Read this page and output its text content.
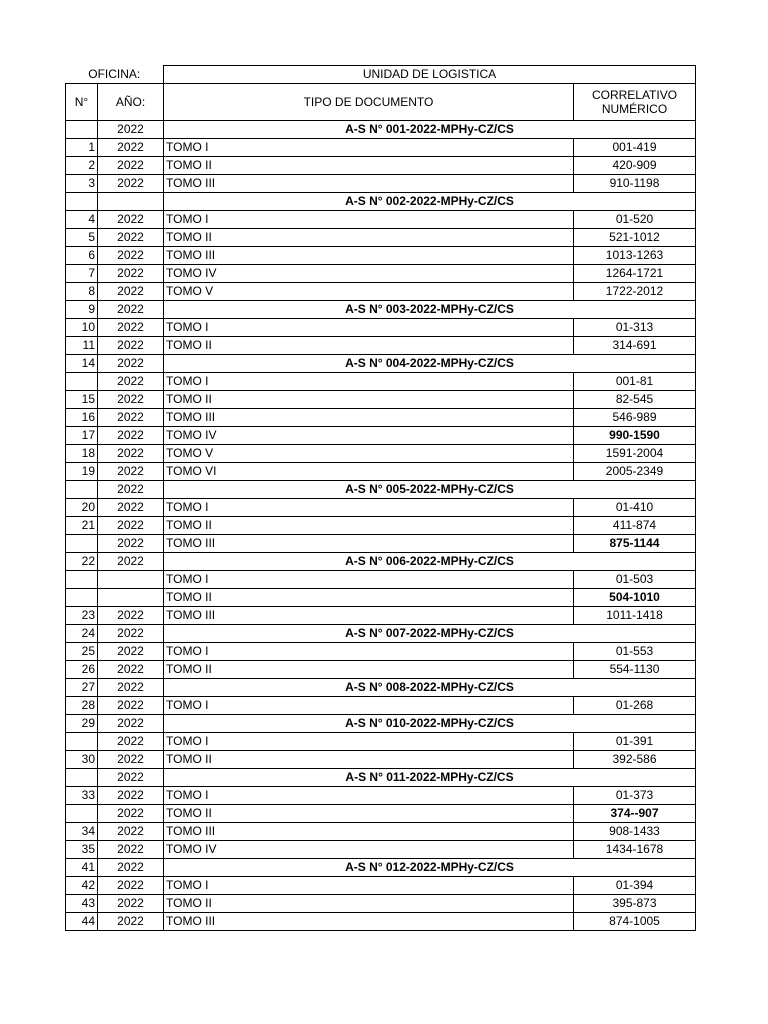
OFICINA:		UNIDAD DE LOGISTICA	
N°	AÑO:	TIPO DE DOCUMENTO	CORRELATIVO
NUMÉRICO
	2022	A-S N° 001-2022-MPHy-CZ/CS	
1	2022	TOMO I	001-419
2	2022	TOMO II	420-909
3	2022	TOMO III	910-1198
		A-S N° 002-2022-MPHy-CZ/CS	
4	2022	TOMO I	01-520
5	2022	TOMO II	521-1012
6	2022	TOMO III	1013-1263
7	2022	TOMO IV	1264-1721
8	2022	TOMO V	1722-2012
9	2022	A-S N° 003-2022-MPHy-CZ/CS	
10	2022	TOMO I	01-313
11	2022	TOMO II	314-691
14	2022	A-S N° 004-2022-MPHy-CZ/CS	
	2022	TOMO I	001-81
15	2022	TOMO II	82-545
16	2022	TOMO III	546-989
17	2022	TOMO IV	990-1590
18	2022	TOMO V	1591-2004
19	2022	TOMO VI	2005-2349
	2022	A-S N° 005-2022-MPHy-CZ/CS	
20	2022	TOMO I	01-410
21	2022	TOMO II	411-874
	2022	TOMO III	875-1144
22	2022	A-S N° 006-2022-MPHy-CZ/CS	
		TOMO I	01-503
		TOMO II	504-1010
23	2022	TOMO III	1011-1418
24	2022	A-S N° 007-2022-MPHy-CZ/CS	
25	2022	TOMO I	01-553
26	2022	TOMO II	554-1130
27	2022	A-S N° 008-2022-MPHy-CZ/CS	
28	2022	TOMO I	01-268
29	2022	A-S N° 010-2022-MPHy-CZ/CS	
	2022	TOMO I	01-391
30	2022	TOMO II	392-586
	2022	A-S N° 011-2022-MPHy-CZ/CS	
33	2022	TOMO I	01-373
	2022	TOMO II	374--907
34	2022	TOMO III	908-1433
35	2022	TOMO IV	1434-1678
41	2022	A-S N° 012-2022-MPHy-CZ/CS	
42	2022	TOMO I	01-394
43	2022	TOMO II	395-873
44	2022	TOMO III	874-1005
